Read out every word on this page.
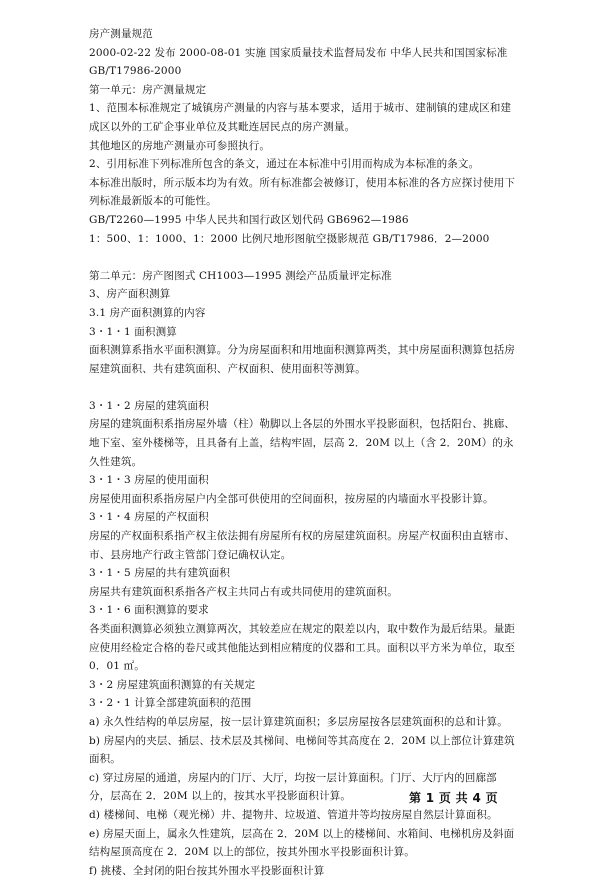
房产测量规范

2000-02-22 发布 2000-08-01 实施 国家质量技术监督局发布 中华人民共和国国家标准 GB/T17986-2000

第一单元：房产测量规定

1、范围本标准规定了城镇房产测量的内容与基本要求，适用于城市、建制镇的建成区和建成区以外的工矿企事业单位及其毗连居民点的房产测量。

其他地区的房地产测量亦可参照执行。

2、引用标准下列标准所包含的条文，通过在本标准中引用而构成为本标准的条文。

本标准出版时，所示版本均为有效。所有标准都会被修订，使用本标准的各方应探讨使用下列标准最新版本的可能性。

GB/T2260—1995 中华人民共和国行政区划代码 GB6962—1986

1：500、1：1000、1：2000 比例尺地形图航空摄影规范 GB/T17986．2—2000

第二单元：房产图图式 CH1003—1995 测绘产品质量评定标准

3、房产面积测算

3.1 房产面积测算的内容

3・1・1 面积测算

面积测算系指水平面积测算。分为房屋面积和用地面积测算两类，其中房屋面积测算包括房屋建筑面积、共有建筑面积、产权面积、使用面积等测算。

3・1・2 房屋的建筑面积

房屋的建筑面积系指房屋外墙（柱）勒脚以上各层的外围水平投影面积，包括阳台、挑廊、地下室、室外楼梯等，且具备有上盖，结构牢固，层高 2．20M 以上（含 2．20M）的永久性建筑。

3・1・3 房屋的使用面积

房屋使用面积系指房屋户内全部可供使用的空间面积，按房屋的内墙面水平投影计算。

3・1・4 房屋的产权面积

房屋的产权面积系指产权主依法拥有房屋所有权的房屋建筑面积。房屋产权面积由直辖市、市、县房地产行政主管部门登记确权认定。

3・1・5 房屋的共有建筑面积

房屋共有建筑面积系指各产权主共同占有或共同使用的建筑面积。

3・1・6 面积测算的要求

各类面积测算必须独立测算两次，其较差应在规定的限差以内，取中数作为最后结果。量距应使用经检定合格的卷尺或其他能达到相应精度的仪器和工具。面积以平方米为单位，取至 0．01 ㎡。

3・2 房屋建筑面积测算的有关规定

3・2・1 计算全部建筑面积的范围

a) 永久性结构的单层房屋，按一层计算建筑面积；多层房屋按各层建筑面积的总和计算。

b) 房屋内的夹层、插层、技术层及其梯间、电梯间等其高度在 2．20M 以上部位计算建筑面积。

c) 穿过房屋的通道，房屋内的门厅、大厅，均按一层计算面积。门厅、大厅内的回廊部分，层高在 2．20M 以上的，按其水平投影面积计算。

d) 楼梯间、电梯（观光梯）井、提物井、垃圾道、管道井等均按房屋自然层计算面积。

e) 房屋天面上，属永久性建筑，层高在 2．20M 以上的楼梯间、水箱间、电梯机房及斜面结构屋顶高度在 2．20M 以上的部位，按其外围水平投影面积计算。

f) 挑楼、全封闭的阳台按其外围水平投影面积计算

第 1 页 共 4 页
